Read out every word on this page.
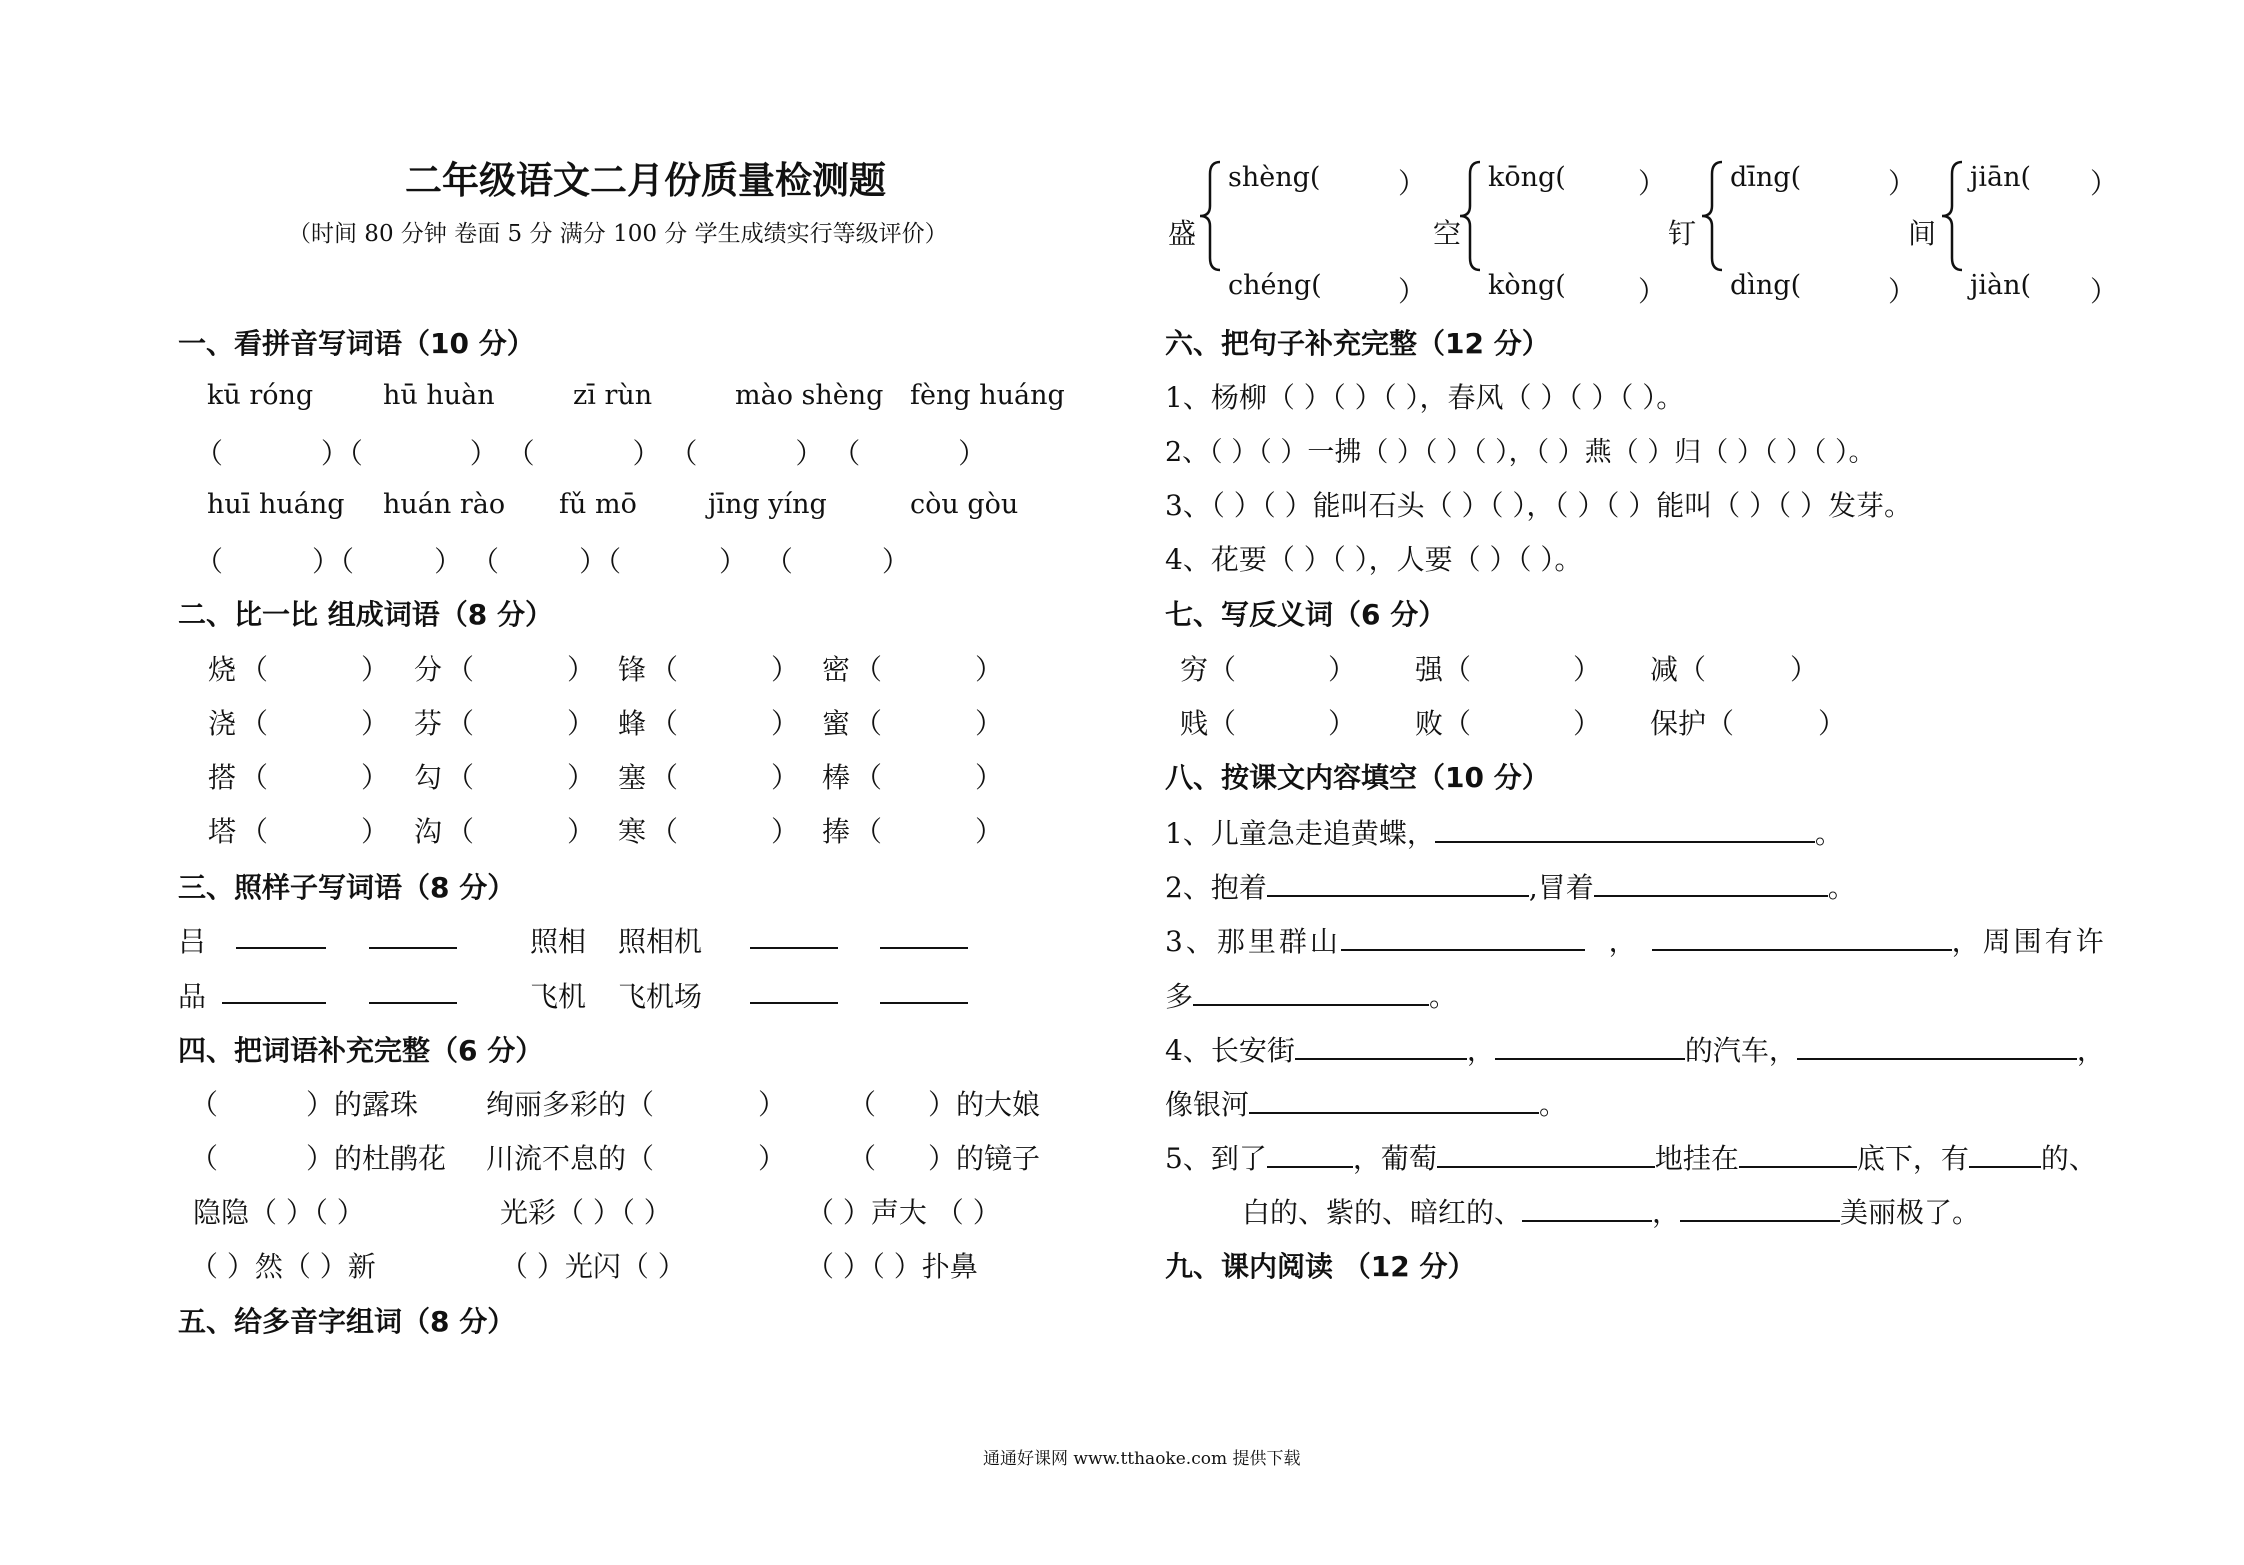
二年级语文二月份质量检测题
（时间 80 分钟 卷面 5 分 满分 100 分 学生成绩实行等级评价）
一、看拼音写词语（10 分）
kū róng	hū huàn	zī rùn	mào shèng fèng huáng
（           ）（            ） （           ） （           ） （           ）
huī huáng huán rào fǔ mō	jīng yíng	còu gòu
（          ）（         ） （         ）（           ）  （          ）
二、比一比 组成词语（8 分）
烧 （	） 分 （	） 锋 （	） 密 （	）
浇 （	） 芬 （	） 蜂 （	） 蜜 （	）
搭 （	） 勾 （	） 塞 （	） 棒 （	）
塔 （	） 沟 （	） 寒 （	） 捧 （	）
三、照样子写词语（8 分）
吕	照相 照相机
品	飞机 飞机场
四、把词语补充完整（6 分）
（	）的露珠 绚丽多彩的（	） （ ）的大娘
（	）的杜鹃花 川流不息的（	） （ ）的镜子
隐隐（ ）（ ）	光彩（ ）（ ）	（ ）声大 （ ）
（ ）然（ ）新	（ ）光闪（ ）	（ ）（ ）扑鼻
五、给多音字组词（8 分）
盛
shèng(	）
chéng(	）
空
kōng(	）
kòng(	）
钉
dīng(	）
dìng(	）
间
jiān( ）
jiàn( ）
六、把句子补充完整（12 分）
1、杨柳（ ）（ ）（ ），春风（ ）（ ）（ ）。
2、（ ）（ ）一拂（ ）（ ）（ ），（ ）燕（ ）归（ ）（ ）（ ）。
3、（ ）（ ）能叫石头（ ）（ ），（ ）（ ）能叫（ ）（ ）发芽。
4、花要（ ）（ ），人要（ ）（ ）。
七、写反义词（6 分）
穷（	） 强（	） 减（	）
贱（	） 败（	） 保护（	）
八、按课文内容填空（10 分）
1、儿童急走追黄蝶，	。
2、抱着	,冒着	。
3、那里群山	，	，周围有许
多	。
4、长安街	，	的汽车，	，
像银河	。
5、到了	，葡萄	地挂在	底下，有	的、
白的、紫的、暗红的、	，	美丽极了。
九、课内阅读 （12 分）
通通好课网 www.tthaoke.com 提供下载
